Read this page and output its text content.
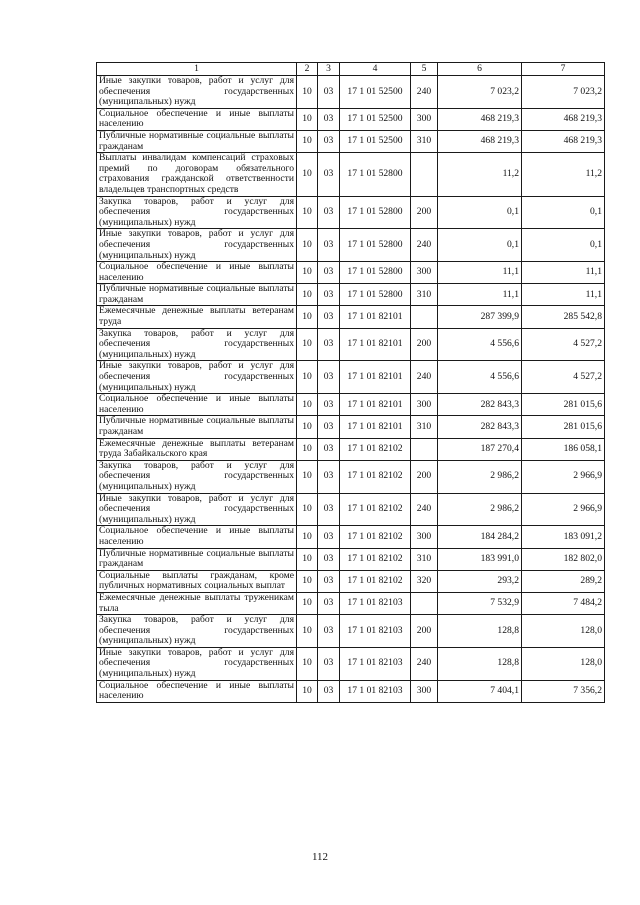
1	2	3	4	5	6	7
Иные закупки товаров, работ и услуг для обеспечения государственных (муниципальных) нужд	10	03	17 1 01 52500	240	7 023,2	7 023,2
Социальное обеспечение и иные выплаты населению	10	03	17 1 01 52500	300	468 219,3	468 219,3
Публичные нормативные социальные выплаты гражданам	10	03	17 1 01 52500	310	468 219,3	468 219,3
Выплаты инвалидам компенсаций страховых премий по договорам обязательного страхования гражданской ответственности владельцев транспортных средств	10	03	17 1 01 52800		11,2	11,2
Закупка товаров, работ и услуг для обеспечения государственных (муниципальных) нужд	10	03	17 1 01 52800	200	0,1	0,1
Иные закупки товаров, работ и услуг для обеспечения государственных (муниципальных) нужд	10	03	17 1 01 52800	240	0,1	0,1
Социальное обеспечение и иные выплаты населению	10	03	17 1 01 52800	300	11,1	11,1
Публичные нормативные социальные выплаты гражданам	10	03	17 1 01 52800	310	11,1	11,1
Ежемесячные денежные выплаты ветеранам труда	10	03	17 1 01 82101		287 399,9	285 542,8
Закупка товаров, работ и услуг для обеспечения государственных (муниципальных) нужд	10	03	17 1 01 82101	200	4 556,6	4 527,2
Иные закупки товаров, работ и услуг для обеспечения государственных (муниципальных) нужд	10	03	17 1 01 82101	240	4 556,6	4 527,2
Социальное обеспечение и иные выплаты населению	10	03	17 1 01 82101	300	282 843,3	281 015,6
Публичные нормативные социальные выплаты гражданам	10	03	17 1 01 82101	310	282 843,3	281 015,6
Ежемесячные денежные выплаты ветеранам труда Забайкальского края	10	03	17 1 01 82102		187 270,4	186 058,1
Закупка товаров, работ и услуг для обеспечения государственных (муниципальных) нужд	10	03	17 1 01 82102	200	2 986,2	2 966,9
Иные закупки товаров, работ и услуг для обеспечения государственных (муниципальных) нужд	10	03	17 1 01 82102	240	2 986,2	2 966,9
Социальное обеспечение и иные выплаты населению	10	03	17 1 01 82102	300	184 284,2	183 091,2
Публичные нормативные социальные выплаты гражданам	10	03	17 1 01 82102	310	183 991,0	182 802,0
Социальные выплаты гражданам, кроме публичных нормативных социальных выплат	10	03	17 1 01 82102	320	293,2	289,2
Ежемесячные денежные выплаты труженикам тыла	10	03	17 1 01 82103		7 532,9	7 484,2
Закупка товаров, работ и услуг для обеспечения государственных (муниципальных) нужд	10	03	17 1 01 82103	200	128,8	128,0
Иные закупки товаров, работ и услуг для обеспечения государственных (муниципальных) нужд	10	03	17 1 01 82103	240	128,8	128,0
Социальное обеспечение и иные выплаты населению	10	03	17 1 01 82103	300	7 404,1	7 356,2
112
